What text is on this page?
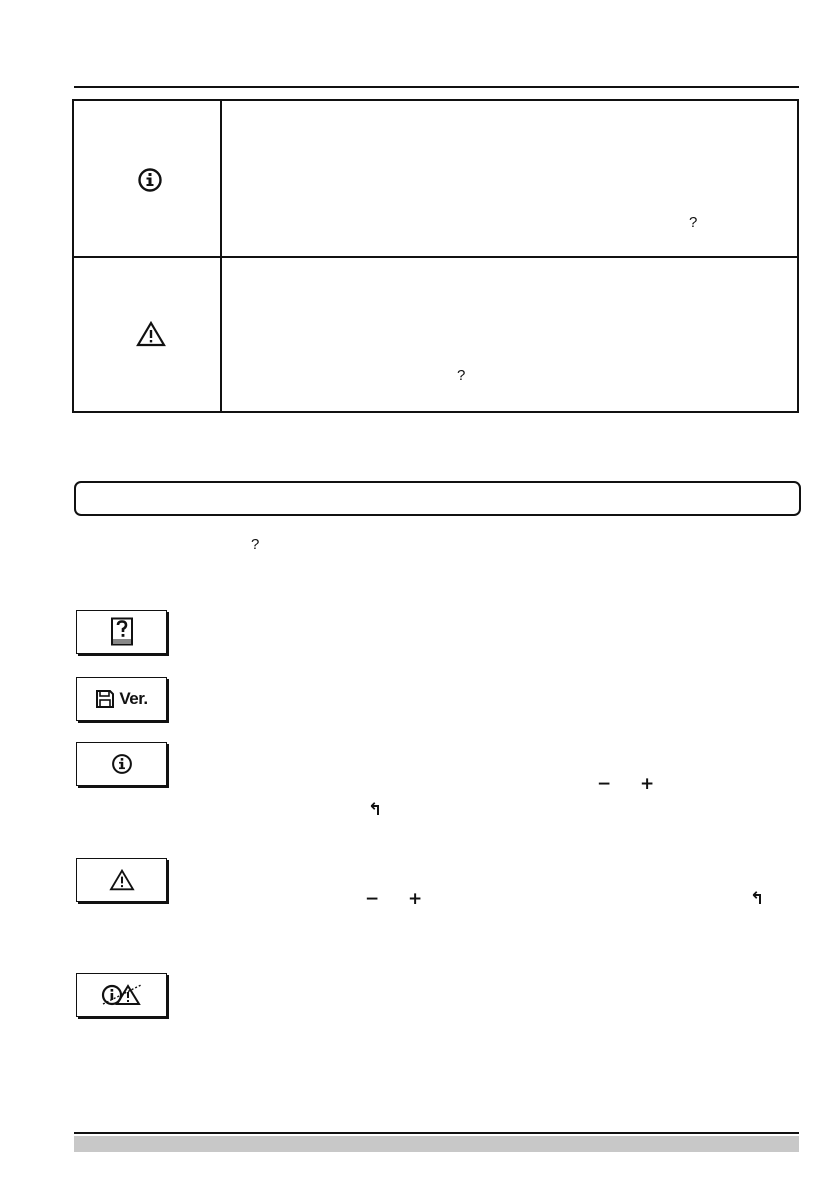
?
?
?
Ver.
− +
↰
− +	↰
